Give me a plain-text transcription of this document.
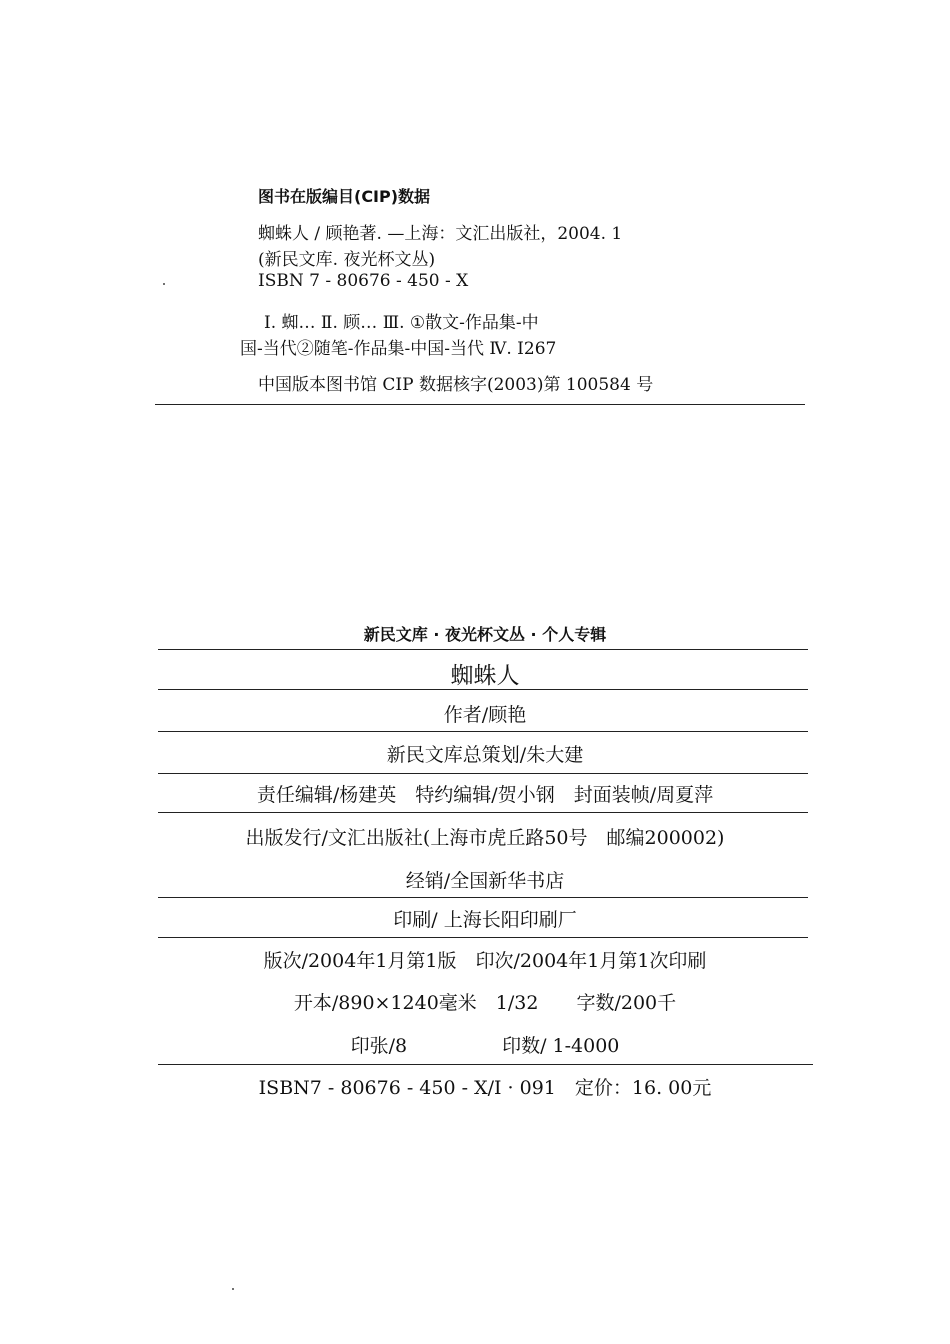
图书在版编目(CIP)数据
蜘蛛人 / 顾艳著. —上海：文汇出版社，2004. 1
(新民文库. 夜光杯文丛)
ISBN 7 - 80676 - 450 - X
Ⅰ. 蜘… Ⅱ. 顾… Ⅲ. ①散文-作品集-中
国-当代②随笔-作品集-中国-当代 Ⅳ. I267
中国版本图书馆 CIP 数据核字(2003)第 100584 号
新民文库 · 夜光杯文丛 · 个人专辑
蜘蛛人
作者/顾艳
新民文库总策划/朱大建
责任编辑/杨建英　特约编辑/贺小钢　封面装帧/周夏萍
出版发行/文汇出版社(上海市虎丘路50号　邮编200002)
经销/全国新华书店
印刷/ 上海长阳印刷厂
版次/2004年1月第1版　印次/2004年1月第1次印刷
开本/890×1240毫米　1/32　　字数/200千
印张/8　　　　　印数/ 1-4000
ISBN7 - 80676 - 450 - X/I · 091　定价：16. 00元
